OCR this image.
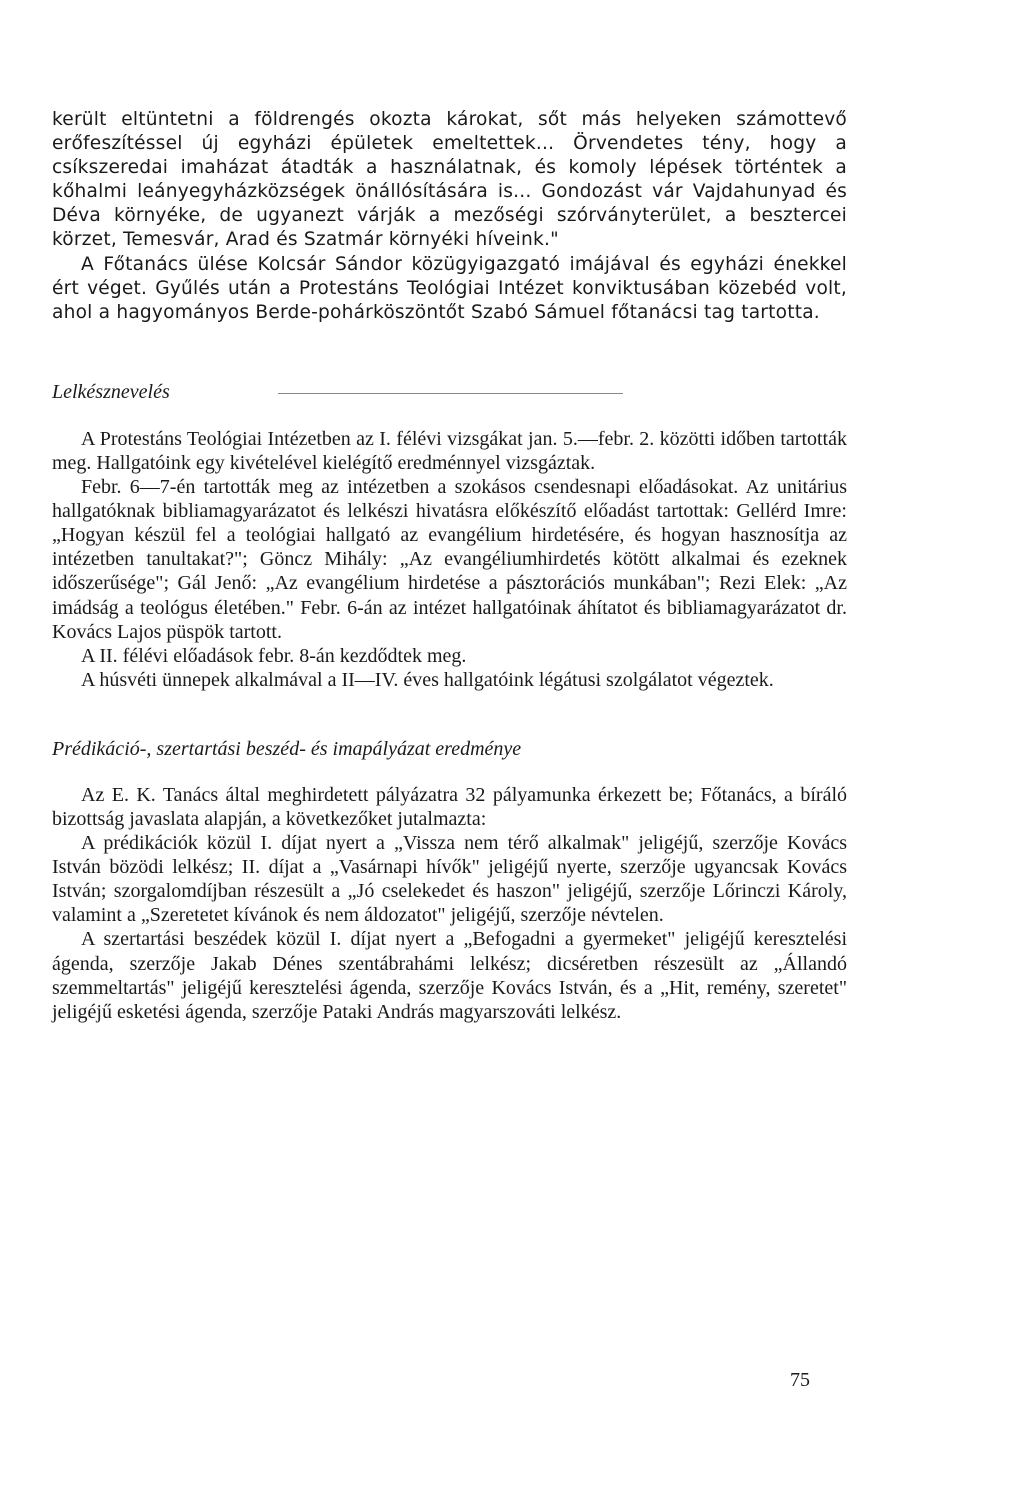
került eltüntetni a földrengés okozta károkat, sőt más helyeken számottevő erőfeszítéssel új egyházi épületek emeltettek... Örvendetes tény, hogy a csíkszeredai imaházat átadták a használatnak, és komoly lépések történtek a kőhalmi leányegyházközségek önállósítására is... Gondozást vár Vajdahunyad és Déva környéke, de ugyanezt várják a mezőségi szórványterület, a besztercei körzet, Temesvár, Arad és Szatmár környéki híveink."

A Főtanács ülése Kolcsár Sándor közügyigazgató imájával és egyházi énekkel ért véget. Gyűlés után a Protestáns Teológiai Intézet konviktusában közebéd volt, ahol a hagyományos Berde-pohárköszöntőt Szabó Sámuel főtanácsi tag tartotta.

Lelkésznevelés

A Protestáns Teológiai Intézetben az I. félévi vizsgákat jan. 5.—febr. 2. közötti időben tartották meg. Hallgatóink egy kivételével kielégítő eredménnyel vizsgáztak.

Febr. 6—7-én tartották meg az intézetben a szokásos csendesnapi előadásokat. Az unitárius hallgatóknak bibliamagyarázatot és lelkészi hivatásra előkészítő előadást tartottak: Gellérd Imre: „Hogyan készül fel a teológiai hallgató az evangélium hirdetésére, és hogyan hasznosítja az intézetben tanultakat?"; Göncz Mihály: „Az evangéliumhirdetés kötött alkalmai és ezeknek időszerűsége"; Gál Jenő: „Az evangélium hirdetése a pásztorációs munkában"; Rezi Elek: „Az imádság a teológus életében." Febr. 6-án az intézet hallgatóinak áhítatot és bibliamagyarázatot dr. Kovács Lajos püspök tartott.

A II. félévi előadások febr. 8-án kezdődtek meg.

A húsvéti ünnepek alkalmával a II—IV. éves hallgatóink légátusi szolgálatot végeztek.

Prédikáció-, szertartási beszéd- és imapályázat eredménye

Az E. K. Tanács által meghirdetett pályázatra 32 pályamunka érkezett be; Főtanács, a bíráló bizottság javaslata alapján, a következőket jutalmazta:

A prédikációk közül I. díjat nyert a „Vissza nem térő alkalmak" jeligéjű, szerzője Kovács István bözödi lelkész; II. díjat a „Vasárnapi hívők" jeligéjű nyerte, szerzője ugyancsak Kovács István; szorgalomdíjban részesült a „Jó cselekedet és haszon" jeligéjű, szerzője Lőrinczi Károly, valamint a „Szeretetet kívánok és nem áldozatot" jeligéjű, szerzője névtelen.

A szertartási beszédek közül I. díjat nyert a „Befogadni a gyermeket" jeligéjű keresztelési ágenda, szerzője Jakab Dénes szentábrahámi lelkész; dicséretben részesült az „Állandó szemmeltartás" jeligéjű keresztelési ágenda, szerzője Kovács István, és a „Hit, remény, szeretet" jeligéjű esketési ágenda, szerzője Pataki András magyarszováti lelkész.

75
